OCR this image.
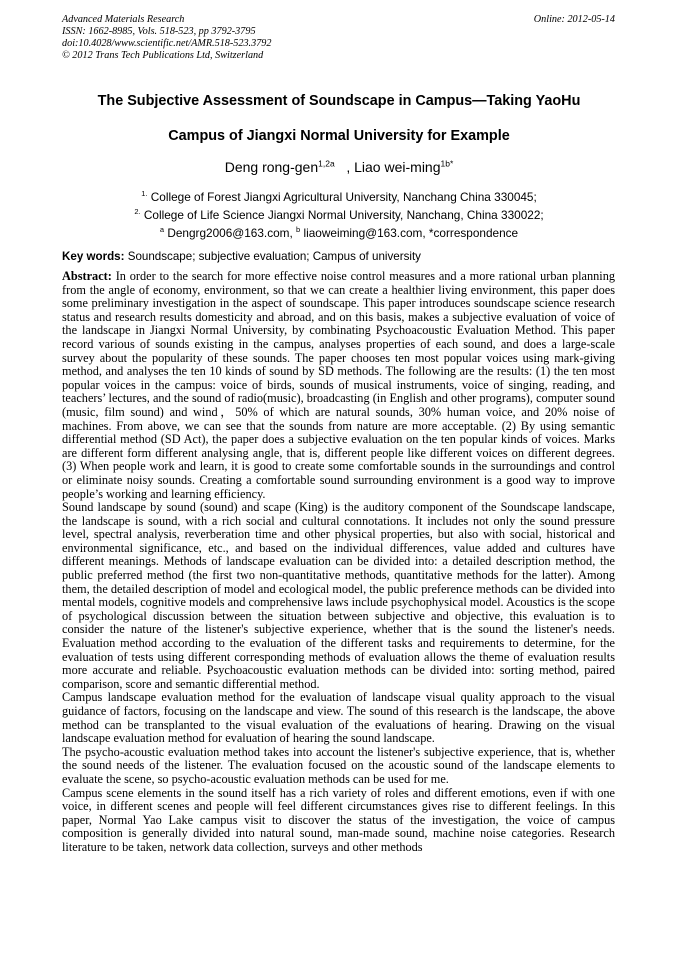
Advanced Materials Research
ISSN: 1662-8985, Vols. 518-523, pp 3792-3795
doi:10.4028/www.scientific.net/AMR.518-523.3792
© 2012 Trans Tech Publications Ltd, Switzerland
Online: 2012-05-14
The Subjective Assessment of Soundscape in Campus—Taking YaoHu
Campus of Jiangxi Normal University for Example
Deng rong-gen$^{1,2a}$ , Liao wei-ming$^{1b*}$
$^{1.}$ College of Forest Jiangxi Agricultural University, Nanchang China 330045;
$^{2.}$ College of Life Science Jiangxi Normal University, Nanchang, China 330022;
$^a$ Dengrg2006@163.com, $^b$ liaoweiming@163.com, *correspondence
Key words: Soundscape; subjective evaluation; Campus of university

Abstract: In order to the search for more effective noise control measures and a more rational urban planning from the angle of economy, environment, so that we can create a healthier living environment, this paper does some preliminary investigation in the aspect of soundscape. This paper introduces soundscape science research status and research results domesticity and abroad, and on this basis, makes a subjective evaluation of voice of the landscape in Jiangxi Normal University, by combinating Psychoacoustic Evaluation Method. This paper record various of sounds existing in the campus, analyses properties of each sound, and does a large-scale survey about the popularity of these sounds. The paper chooses ten most popular voices using mark-giving method, and analyses the ten 10 kinds of sound by SD methods. The following are the results: (1) the ten most popular voices in the campus: voice of birds, sounds of musical instruments, voice of singing, reading, and teachers’ lectures, and the sound of radio(music), broadcasting (in English and other programs), computer sound (music, film sound) and wind，50% of which are natural sounds, 30% human voice, and 20% noise of machines. From above, we can see that the sounds from nature are more acceptable. (2) By using semantic differential method (SD Act), the paper does a subjective evaluation on the ten popular kinds of voices. Marks are different form different analysing angle, that is, different people like different voices on different degrees. (3) When people work and learn, it is good to create some comfortable sounds in the surroundings and control or eliminate noisy sounds. Creating a comfortable sound surrounding environment is a good way to improve people’s working and learning efficiency.

Sound landscape by sound (sound) and scape (King) is the auditory component of the Soundscape landscape, the landscape is sound, with a rich social and cultural connotations. It includes not only the sound pressure level, spectral analysis, reverberation time and other physical properties, but also with social, historical and environmental significance, etc., and based on the individual differences, value added and cultures have different meanings. Methods of landscape evaluation can be divided into: a detailed description method, the public preferred method (the first two non-quantitative methods, quantitative methods for the latter). Among them, the detailed description of model and ecological model, the public preference methods can be divided into mental models, cognitive models and comprehensive laws include psychophysical model. Acoustics is the scope of psychological discussion between the situation between subjective and objective, this evaluation is to consider the nature of the listener's subjective experience, whether that is the sound the listener's needs. Evaluation method according to the evaluation of the different tasks and requirements to determine, for the evaluation of tests using different corresponding methods of evaluation allows the theme of evaluation results more accurate and reliable. Psychoacoustic evaluation methods can be divided into: sorting method, paired comparison, score and semantic differential method.

Campus landscape evaluation method for the evaluation of landscape visual quality approach to the visual guidance of factors, focusing on the landscape and view. The sound of this research is the landscape, the above method can be transplanted to the visual evaluation of the evaluations of hearing. Drawing on the visual landscape evaluation method for evaluation of hearing the sound landscape.

The psycho-acoustic evaluation method takes into account the listener's subjective experience, that is, whether the sound needs of the listener. The evaluation focused on the acoustic sound of the landscape elements to evaluate the scene, so psycho-acoustic evaluation methods can be used for me.

Campus scene elements in the sound itself has a rich variety of roles and different emotions, even if with one voice, in different scenes and people will feel different circumstances gives rise to different feelings. In this paper, Normal Yao Lake campus visit to discover the status of the investigation, the voice of campus composition is generally divided into natural sound, man-made sound, machine noise categories. Research literature to be taken, network data collection, surveys and other methods
